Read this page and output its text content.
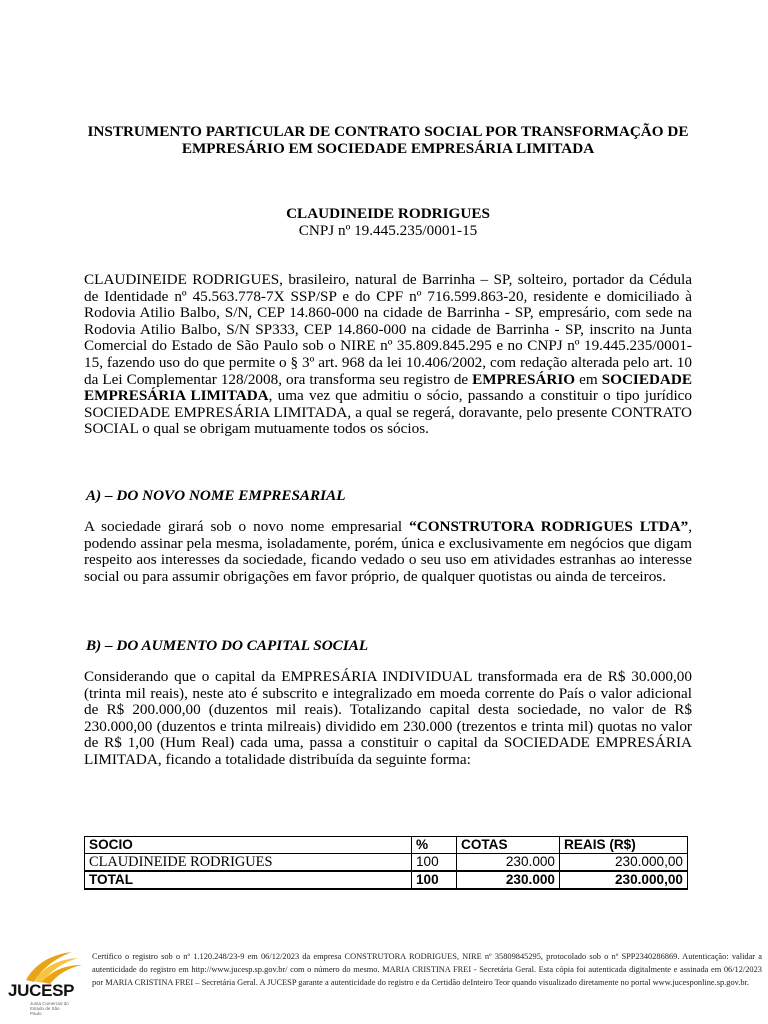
INSTRUMENTO PARTICULAR DE CONTRATO SOCIAL POR TRANSFORMAÇÃO DE EMPRESÁRIO EM SOCIEDADE EMPRESÁRIA LIMITADA
CLAUDINEIDE RODRIGUES
CNPJ nº 19.445.235/0001-15

CLAUDINEIDE RODRIGUES, brasileiro, natural de Barrinha – SP, solteiro, portador da Cédula de Identidade nº 45.563.778-7X SSP/SP e do CPF nº 716.599.863-20, residente e domiciliado à Rodovia Atilio Balbo, S/N, CEP 14.860-000 na cidade de Barrinha - SP, empresário, com sede na Rodovia Atilio Balbo, S/N SP333, CEP 14.860-000 na cidade de Barrinha - SP, inscrito na Junta Comercial do Estado de São Paulo sob o NIRE nº 35.809.845.295 e no CNPJ nº 19.445.235/0001-15, fazendo uso do que permite o § 3º art. 968 da lei 10.406/2002, com redação alterada pelo art. 10 da Lei Complementar 128/2008, ora transforma seu registro de EMPRESÁRIO em SOCIEDADE EMPRESÁRIA LIMITADA, uma vez que admitiu o sócio, passando a constituir o tipo jurídico SOCIEDADE EMPRESÁRIA LIMITADA, a qual se regerá, doravante, pelo presente CONTRATO SOCIAL o qual se obrigam mutuamente todos os sócios.

A) – DO NOVO NOME EMPRESARIAL

A sociedade girará sob o novo nome empresarial “CONSTRUTORA RODRIGUES LTDA”, podendo assinar pela mesma, isoladamente, porém, única e exclusivamente em negócios que digam respeito aos interesses da sociedade, ficando vedado o seu uso em atividades estranhas ao interesse social ou para assumir obrigações em favor próprio, de qualquer quotistas ou ainda de terceiros.

B) – DO AUMENTO DO CAPITAL SOCIAL

Considerando que o capital da EMPRESÁRIA INDIVIDUAL transformada era de R$ 30.000,00 (trinta mil reais), neste ato é subscrito e integralizado em moeda corrente do País o valor adicional de R$ 200.000,00 (duzentos mil reais). Totalizando capital desta sociedade, no valor de R$ 230.000,00 (duzentos e trinta milreais) dividido em 230.000 (trezentos e trinta mil) quotas no valor de R$ 1,00 (Hum Real) cada uma, passa a constituir o capital da SOCIEDADE EMPRESÁRIA LIMITADA, ficando a totalidade distribuída da seguinte forma:

SOCIO	%	COTAS	REAIS (R$)
CLAUDINEIDE RODRIGUES	100	230.000	230.000,00
TOTAL	100	230.000	230.000,00
JUCESP
Junta Comercial do Estado de São Paulo

Certifico o registro sob o nº 1.120.248/23-9 em 06/12/2023 da empresa CONSTRUTORA RODRIGUES, NIRE nº 35809845295, protocolado sob o nº SPP2340286869. Autenticação: validar a autenticidade do registro em http://www.jucesp.sp.gov.br/ com o número do mesmo. MARIA CRISTINA FREI - Secretária Geral. Esta cópia foi autenticada digitalmente e assinada em 06/12/2023 por MARIA CRISTINA FREI – Secretária Geral. A JUCESP garante a autenticidade do registro e da Certidão deInteiro Teor quando visualizado diretamente no portal www.jucesponline.sp.gov.br.
